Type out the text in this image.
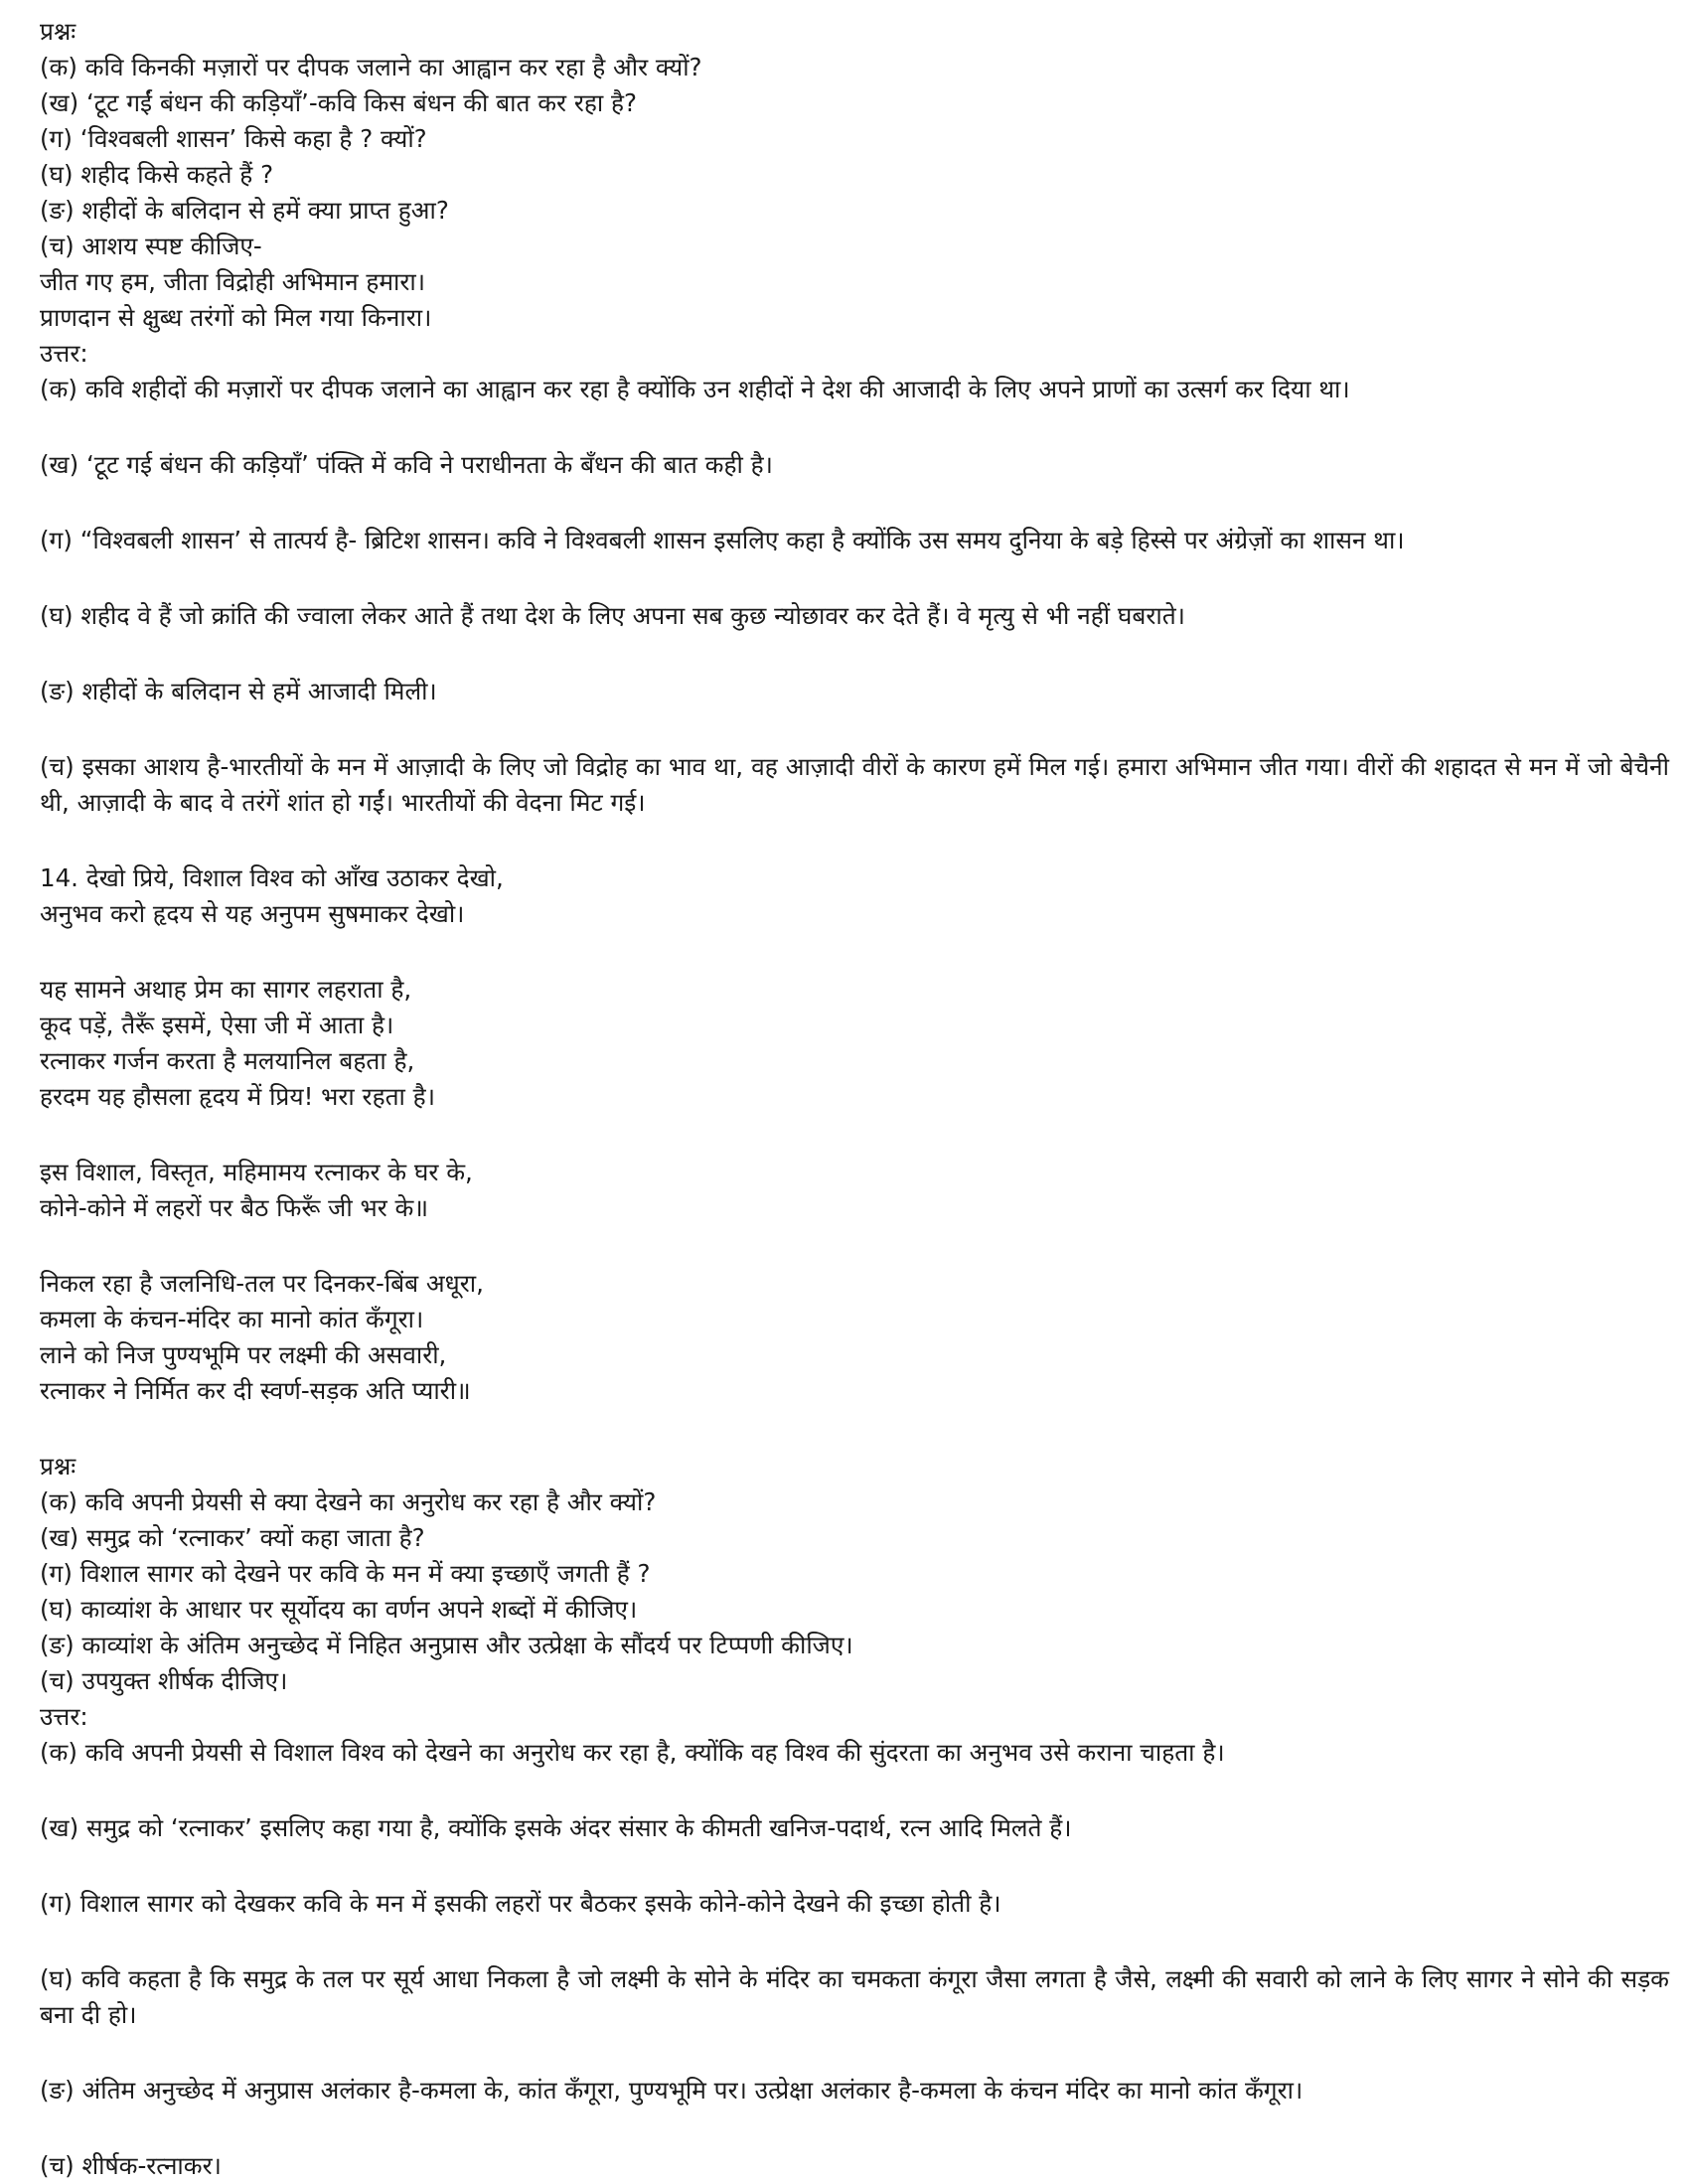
प्रश्नः
(क) कवि किनकी मज़ारों पर दीपक जलाने का आह्वान कर रहा है और क्यों?
(ख) ‘टूट गईं बंधन की कड़ियाँ’-कवि किस बंधन की बात कर रहा है?
(ग) ‘विश्वबली शासन’ किसे कहा है ? क्यों?
(घ) शहीद किसे कहते हैं ?
(ङ) शहीदों के बलिदान से हमें क्या प्राप्त हुआ?
(च) आशय स्पष्ट कीजिए-
जीत गए हम, जीता विद्रोही अभिमान हमारा।
प्राणदान से क्षुब्ध तरंगों को मिल गया किनारा।
उत्तर:
(क) कवि शहीदों की मज़ारों पर दीपक जलाने का आह्वान कर रहा है क्योंकि उन शहीदों ने देश की आजादी के लिए अपने प्राणों का उत्सर्ग कर दिया था।
(ख) ‘टूट गई बंधन की कड़ियाँ’ पंक्ति में कवि ने पराधीनता के बँधन की बात कही है।
(ग) “विश्वबली शासन’ से तात्पर्य है- ब्रिटिश शासन। कवि ने विश्वबली शासन इसलिए कहा है क्योंकि उस समय दुनिया के बड़े हिस्से पर अंग्रेज़ों का शासन था।
(घ) शहीद वे हैं जो क्रांति की ज्वाला लेकर आते हैं तथा देश के लिए अपना सब कुछ न्योछावर कर देते हैं। वे मृत्यु से भी नहीं घबराते।
(ङ) शहीदों के बलिदान से हमें आजादी मिली।
(च) इसका आशय है-भारतीयों के मन में आज़ादी के लिए जो विद्रोह का भाव था, वह आज़ादी वीरों के कारण हमें मिल गई। हमारा अभिमान जीत गया। वीरों की शहादत से मन में जो बेचैनी थी, आज़ादी के बाद वे तरंगें शांत हो गईं। भारतीयों की वेदना मिट गई।
14. देखो प्रिये, विशाल विश्व को आँख उठाकर देखो,
अनुभव करो हृदय से यह अनुपम सुषमाकर देखो।
यह सामने अथाह प्रेम का सागर लहराता है,
कूद पड़ें, तैरूँ इसमें, ऐसा जी में आता है।
रत्नाकर गर्जन करता है मलयानिल बहता है,
हरदम यह हौसला हृदय में प्रिय! भरा रहता है।
इस विशाल, विस्तृत, महिमामय रत्नाकर के घर के,
कोने-कोने में लहरों पर बैठ फिरूँ जी भर के॥
निकल रहा है जलनिधि-तल पर दिनकर-बिंब अधूरा,
कमला के कंचन-मंदिर का मानो कांत कँगूरा।
लाने को निज पुण्यभूमि पर लक्ष्मी की असवारी,
रत्नाकर ने निर्मित कर दी स्वर्ण-सड़क अति प्यारी॥
प्रश्नः
(क) कवि अपनी प्रेयसी से क्या देखने का अनुरोध कर रहा है और क्यों?
(ख) समुद्र को ‘रत्नाकर’ क्यों कहा जाता है?
(ग) विशाल सागर को देखने पर कवि के मन में क्या इच्छाएँ जगती हैं ?
(घ) काव्यांश के आधार पर सूर्योदय का वर्णन अपने शब्दों में कीजिए।
(ङ) काव्यांश के अंतिम अनुच्छेद में निहित अनुप्रास और उत्प्रेक्षा के सौंदर्य पर टिप्पणी कीजिए।
(च) उपयुक्त शीर्षक दीजिए।
उत्तर:
(क) कवि अपनी प्रेयसी से विशाल विश्व को देखने का अनुरोध कर रहा है, क्योंकि वह विश्व की सुंदरता का अनुभव उसे कराना चाहता है।
(ख) समुद्र को ‘रत्नाकर’ इसलिए कहा गया है, क्योंकि इसके अंदर संसार के कीमती खनिज-पदार्थ, रत्न आदि मिलते हैं।
(ग) विशाल सागर को देखकर कवि के मन में इसकी लहरों पर बैठकर इसके कोने-कोने देखने की इच्छा होती है।
(घ) कवि कहता है कि समुद्र के तल पर सूर्य आधा निकला है जो लक्ष्मी के सोने के मंदिर का चमकता कंगूरा जैसा लगता है जैसे, लक्ष्मी की सवारी को लाने के लिए सागर ने सोने की सड़क बना दी हो।
(ङ) अंतिम अनुच्छेद में अनुप्रास अलंकार है-कमला के, कांत कँगूरा, पुण्यभूमि पर। उत्प्रेक्षा अलंकार है-कमला के कंचन मंदिर का मानो कांत कँगूरा।
(च) शीर्षक-रत्नाकर।
